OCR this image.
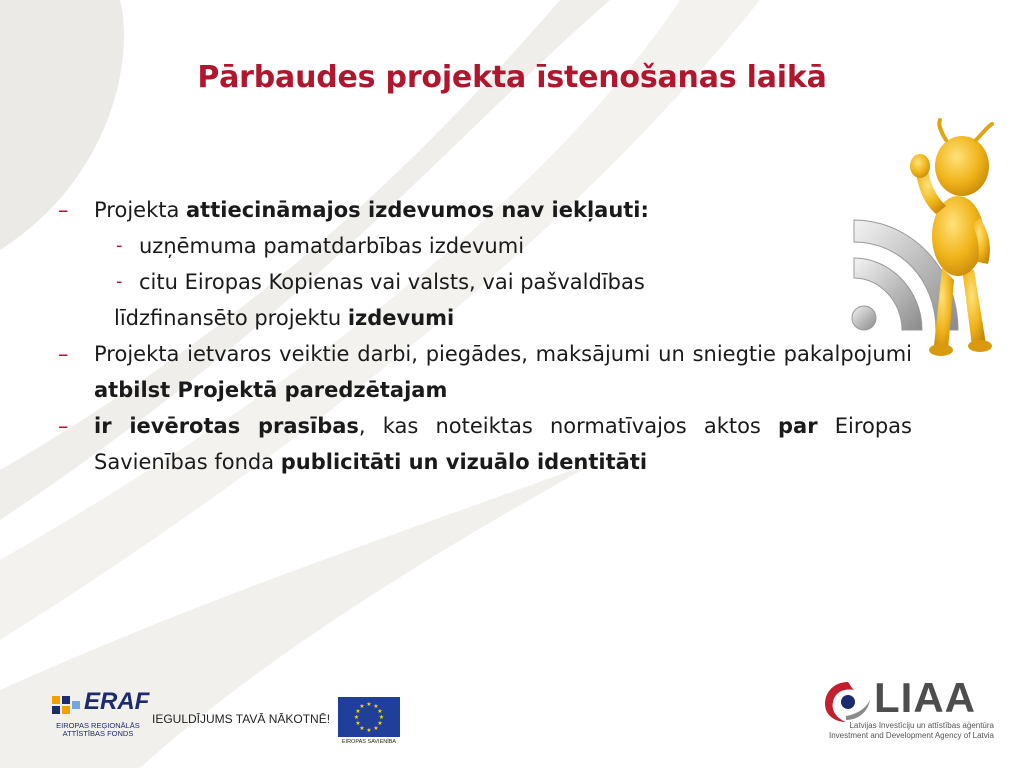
Pārbaudes projekta īstenošanas laikā
– Projekta attiecināmajos izdevumos nav iekļauti:
- uzņēmuma pamatdarbības izdevumi
- citu Eiropas Kopienas vai valsts, vai pašvaldības
līdzfinansēto projektu izdevumi
– Projekta ietvaros veiktie darbi, piegādes, maksājumi un sniegtie pakalpojumi atbilst Projektā paredzētajam
– ir ievērotas prasības, kas noteiktas normatīvajos aktos par Eiropas Savienības fonda publicitāti un vizuālo identitāti
ERAF
EIROPAS REĢIONĀLĀS ATTĪSTĪBAS FONDS
IEGULDĪJUMS TAVĀ NĀKOTNĒ!
★ ★
★
★
★
★
★
★
★
★
★
★
EIROPAS SAVIENĪBA
LIAA
Latvijas Investīciju un attīstības aģentūra
Investment and Development Agency of Latvia
